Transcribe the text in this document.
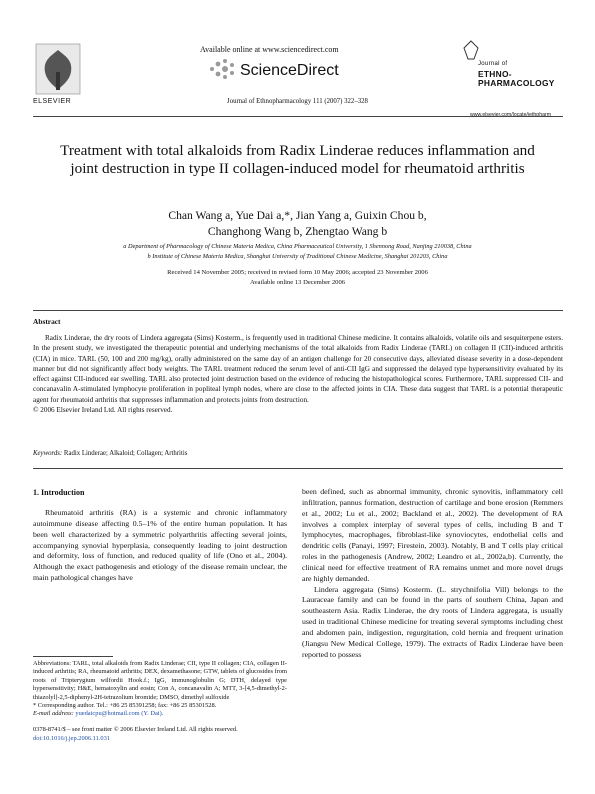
ELSEVIER
Available online at www.sciencedirect.com
ScienceDirect
Journal of Ethnopharmacology 111 (2007) 322–328
Journal of
ETHNO-
PHARMACOLOGY
www.elsevier.com/locate/jethpharm
Treatment with total alkaloids from Radix Linderae reduces inflammation and joint destruction in type II collagen-induced model for rheumatoid arthritis
Chan Wang a, Yue Dai a,*, Jian Yang a, Guixin Chou b,
Changhong Wang b, Zhengtao Wang b
a Department of Pharmacology of Chinese Materia Medica, China Pharmaceutical University, 1 Shennong Road, Nanjing 210038, China
b Institute of Chinese Materia Medica, Shanghai University of Traditional Chinese Medicine, Shanghai 201203, China
Received 14 November 2005; received in revised form 10 May 2006; accepted 23 November 2006
Available online 13 December 2006
Abstract

Radix Linderae, the dry roots of Lindera aggregata (Sims) Kosterm., is frequently used in traditional Chinese medicine. It contains alkaloids, volatile oils and sesquiterpene esters. In the present study, we investigated the therapeutic potential and underlying mechanisms of the total alkaloids from Radix Linderae (TARL) on collagen II (CII)-induced arthritis (CIA) in mice. TARL (50, 100 and 200 mg/kg), orally administered on the same day of an antigen challenge for 20 consecutive days, alleviated disease severity in a dose-dependent manner but did not significantly affect body weights. The TARL treatment reduced the serum level of anti-CII IgG and suppressed the delayed type hypersensitivity evaluated by its effect against CII-induced ear swelling. TARL also protected joint destruction based on the evidence of reducing the histopathological scores. Furthermore, TARL suppressed CII- and concanavalin A-stimulated lymphocyte proliferation in popliteal lymph nodes, where are close to the affected joints in CIA. These data suggest that TARL is a potential therapeutic agent for rheumatoid arthritis that suppresses inflammation and protects joints from destruction.

© 2006 Elsevier Ireland Ltd. All rights reserved.
Keywords: Radix Linderae; Alkaloid; Collagen; Arthritis
1. Introduction

Rheumatoid arthritis (RA) is a systemic and chronic inflammatory autoimmune disease affecting 0.5–1% of the entire human population. It has been well characterized by a symmetric polyarthritis affecting several joints, accompanying synovial hyperplasia, consequently leading to joint destruction and deformity, loss of function, and reduced quality of life (Ono et al., 2004). Although the exact pathogenesis and etiology of the disease remain unclear, the main pathological changes have

been defined, such as abnormal immunity, chronic synovitis, inflammatory cell infiltration, pannus formation, destruction of cartilage and bone erosion (Remmers et al., 2002; Lu et al., 2002; Backland et al., 2002). The development of RA involves a complex interplay of several types of cells, including B and T lymphocytes, macrophages, fibroblast-like synoviocytes, endothelial cells and dendritic cells (Panayi, 1997; Firestein, 2003). Notably, B and T cells play critical roles in the pathogenesis (Andrew, 2002; Leandro et al., 2002a,b). Currently, the clinical need for effective treatment of RA remains unmet and more novel drugs are highly demanded.

Lindera aggregata (Sims) Kosterm. (L. strychnifolia Vill) belongs to the Lauraceae family and can be found in the parts of southern China, Japan and southeastern Asia. Radix Linderae, the dry roots of Lindera aggregata, is usually used in traditional Chinese medicine for treating several symptoms including chest and abdomen pain, indigestion, regurgitation, cold hernia and frequent urination (Jiangsu New Medical College, 1979). The extracts of Radix Linderae have been reported to possess

Abbreviations: TARL, total alkaloids from Radix Linderae; CII, type II collagen; CIA, collagen II-induced arthritis; RA, rheumatoid arthritis; DEX, dexamethasone; GTW, tablets of glucosides from roots of Tripterygium wilfordii Hook.f.; IgG, immunoglobulin G; DTH, delayed type hypersensitivity; H&E, hematoxylin and eosin; Con A, concanavalin A; MTT, 3-[4,5-dimethyl-2-thiazolyl]-2,5-diphenyl-2H-tetrazolium bromide; DMSO, dimethyl sulfoxide

* Corresponding author. Tel.: +86 25 85391258; fax: +86 25 85301528.

E-mail address: yuedaicpu@hotmail.com (Y. Dai).

0378-8741/$ – see front matter © 2006 Elsevier Ireland Ltd. All rights reserved.
doi:10.1016/j.jep.2006.11.031
